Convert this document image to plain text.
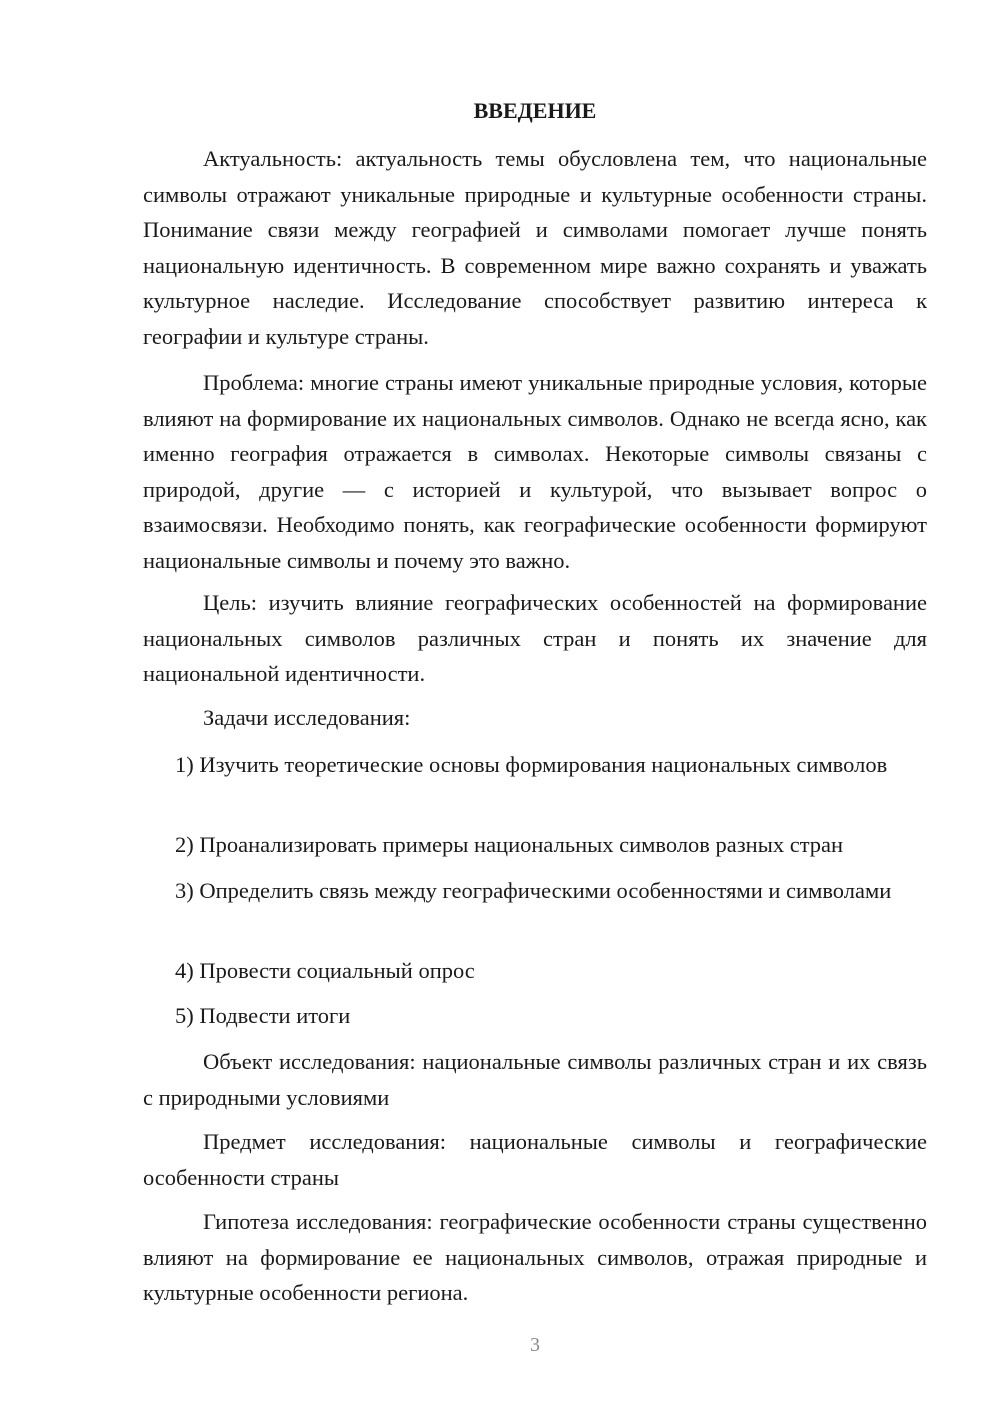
ВВЕДЕНИЕ

Актуальность: актуальность темы обусловлена тем, что национальные символы отражают уникальные природные и культурные особенности страны. Понимание связи между географией и символами помогает лучше понять национальную идентичность. В современном мире важно сохранять и уважать культурное наследие. Исследование способствует развитию интереса к географии и культуре страны.

Проблема: многие страны имеют уникальные природные условия, которые влияют на формирование их национальных символов. Однако не всегда ясно, как именно география отражается в символах. Некоторые символы связаны с природой, другие — с историей и культурой, что вызывает вопрос о взаимосвязи. Необходимо понять, как географические особенности формируют национальные символы и почему это важно.

Цель: изучить влияние географических особенностей на формирование национальных символов различных стран и понять их значение для национальной идентичности.

Задачи исследования:

1) Изучить теоретические основы формирования национальных символов

2) Проанализировать примеры национальных символов разных стран

3) Определить связь между географическими особенностями и символами

4) Провести социальный опрос

5) Подвести итоги

Объект исследования: национальные символы различных стран и их связь с природными условиями

Предмет исследования: национальные символы и географические особенности страны

Гипотеза исследования: географические особенности страны существенно влияют на формирование ее национальных символов, отражая природные и культурные особенности региона.

3
